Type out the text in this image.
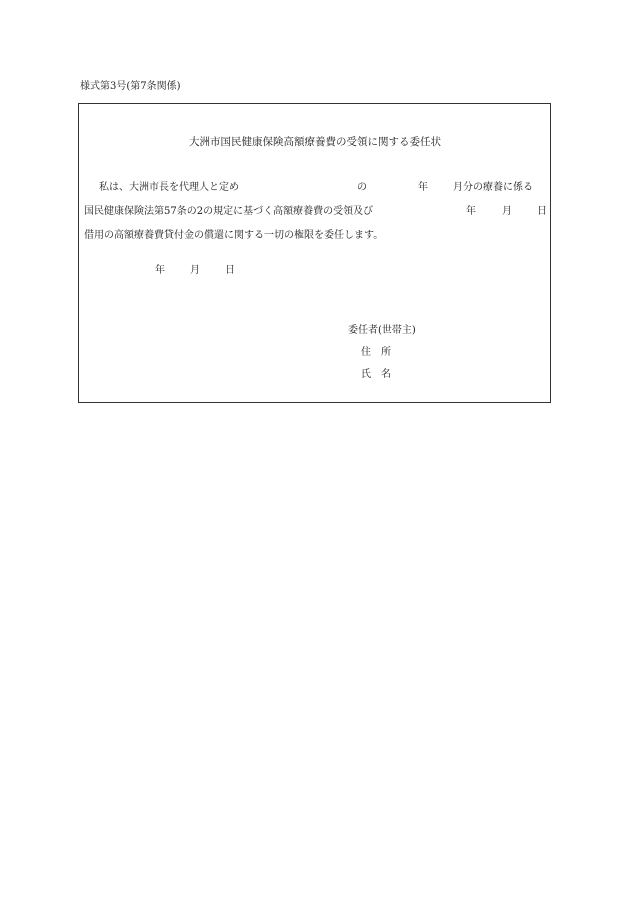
様式第3号(第7条関係)
大洲市国民健康保険高額療養費の受領に関する委任状
私は、大洲市長を代理人と定め	の	年	月分の療養に係る
国民健康保険法第57条の2の規定に基づく高額療養費の受領及び	年	月	日
借用の高額療養費貸付金の償還に関する一切の権限を委任します。
年	月	日
委任者(世帯主)
住　所
氏　名
